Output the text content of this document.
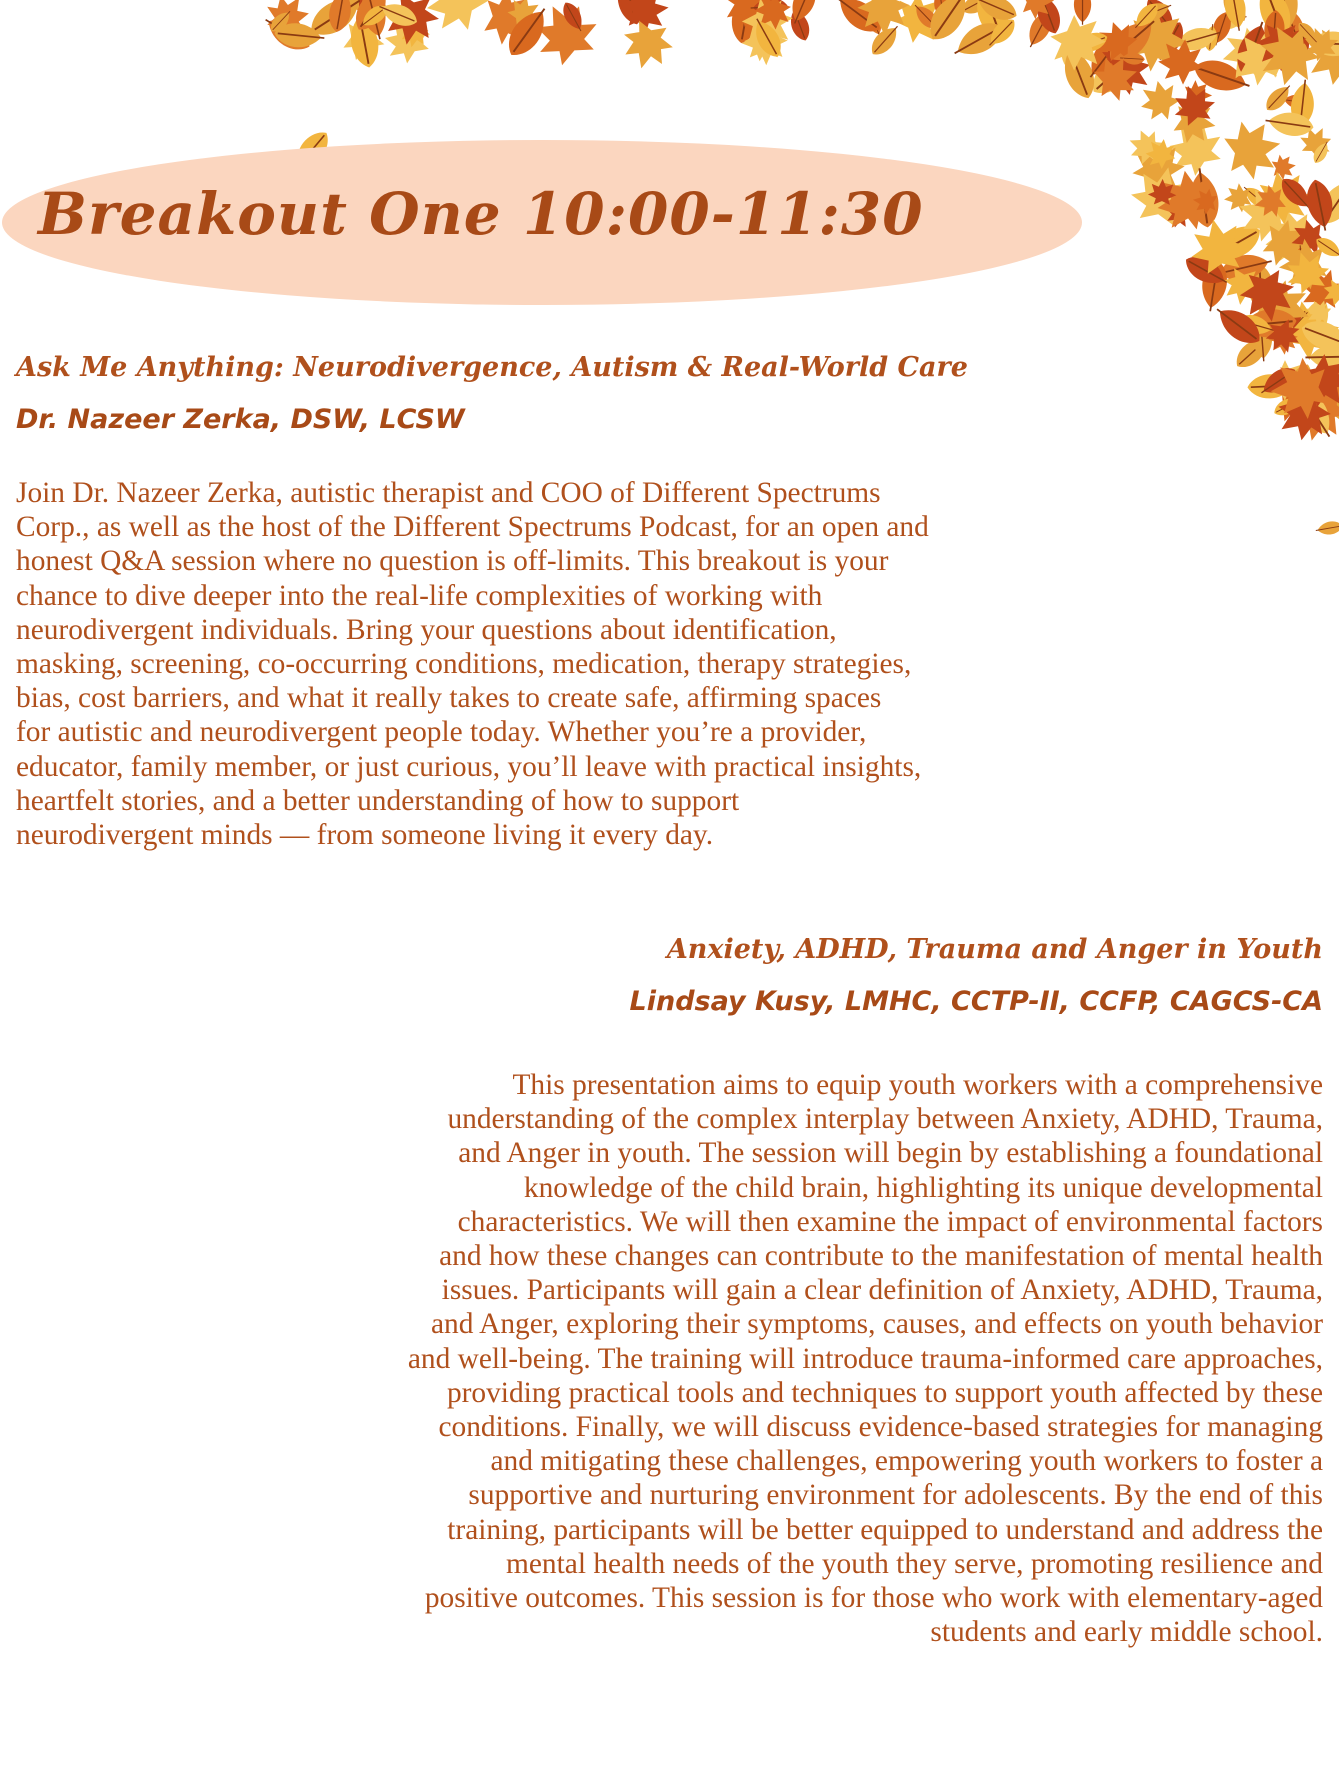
Breakout One 10:00-11:30
Ask Me Anything: Neurodivergence, Autism & Real-World Care
Dr. Nazeer Zerka, DSW, LCSW
Join Dr. Nazeer Zerka, autistic therapist and COO of Different Spectrums
Corp., as well as the host of the Different Spectrums Podcast, for an open and
honest Q&A session where no question is off-limits. This breakout is your
chance to dive deeper into the real-life complexities of working with
neurodivergent individuals. Bring your questions about identification,
masking, screening, co-occurring conditions, medication, therapy strategies,
bias, cost barriers, and what it really takes to create safe, affirming spaces
for autistic and neurodivergent people today. Whether you’re a provider,
educator, family member, or just curious, you’ll leave with practical insights,
heartfelt stories, and a better understanding of how to support
neurodivergent minds — from someone living it every day.
Anxiety, ADHD, Trauma and Anger in Youth
Lindsay Kusy, LMHC, CCTP-II, CCFP, CAGCS-CA
This presentation aims to equip youth workers with a comprehensive
understanding of the complex interplay between Anxiety, ADHD, Trauma,
and Anger in youth. The session will begin by establishing a foundational
knowledge of the child brain, highlighting its unique developmental
characteristics. We will then examine the impact of environmental factors
and how these changes can contribute to the manifestation of mental health
issues. Participants will gain a clear definition of Anxiety, ADHD, Trauma,
and Anger, exploring their symptoms, causes, and effects on youth behavior
and well-being. The training will introduce trauma-informed care approaches,
providing practical tools and techniques to support youth affected by these
conditions. Finally, we will discuss evidence-based strategies for managing
and mitigating these challenges, empowering youth workers to foster a
supportive and nurturing environment for adolescents. By the end of this
training, participants will be better equipped to understand and address the
mental health needs of the youth they serve, promoting resilience and
positive outcomes. This session is for those who work with elementary-aged
students and early middle school.
